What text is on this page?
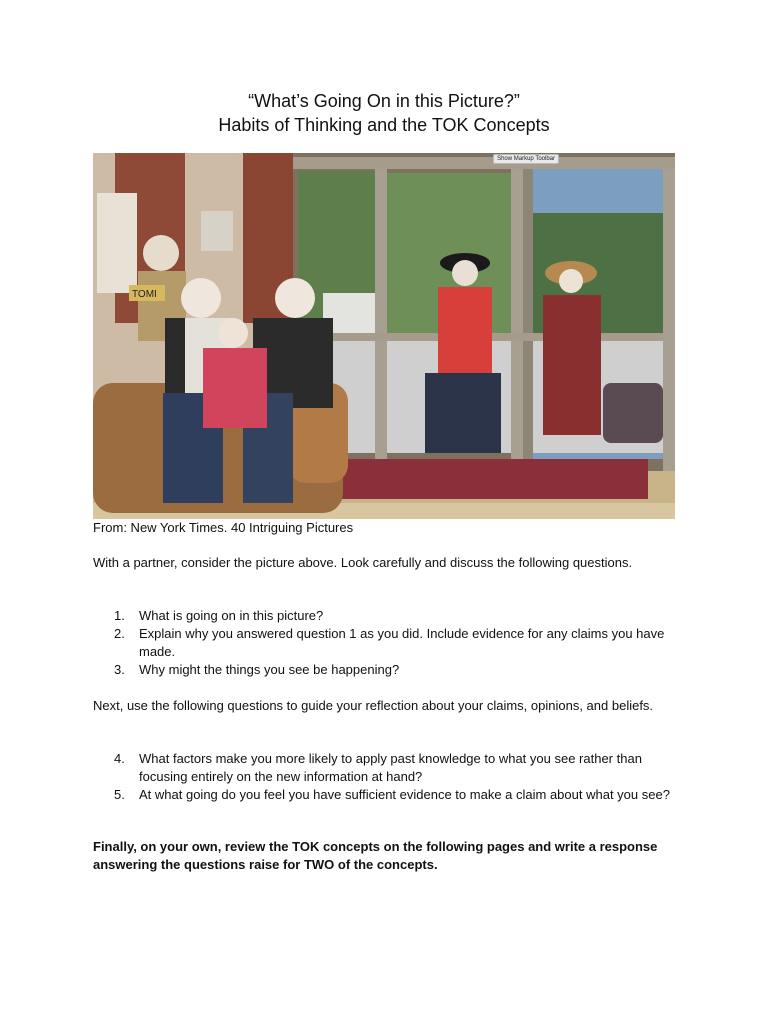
“What’s Going On in this Picture?”
Habits of Thinking and the TOK Concepts
TOMI
Show Markup Toolbar
From: New York Times. 40 Intriguing Pictures
With a partner, consider the picture above. Look carefully and discuss the following questions.
1.	What is going on in this picture?
2.	Explain why you answered question 1 as you did. Include evidence for any claims you have made.
3.	Why might the things you see be happening?
Next, use the following questions to guide your reflection about your claims, opinions, and beliefs.
4.	What factors make you more likely to apply past knowledge to what you see rather than focusing entirely on the new information at hand?
5.	At what going do you feel you have sufficient evidence to make a claim about what you see?
Finally, on your own, review the TOK concepts on the following pages and write a response answering the questions raise for TWO of the concepts.
